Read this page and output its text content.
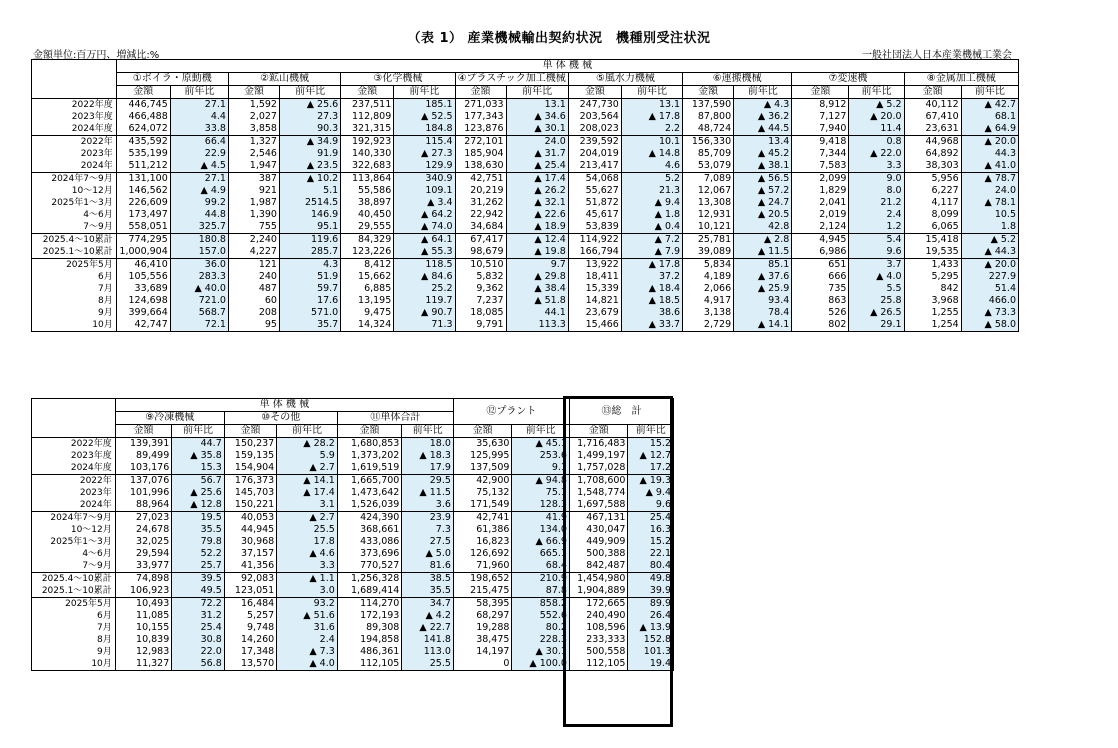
（表 1） 産業機械輸出契約状況　機種別受注状況
金額単位:百万円、増減比:%	一般社団法人日本産業機械工業会
	単 体 機 械															
	①ボイラ・原動機		②鉱山機械		③化学機械		④プラスチック加工機械		⑤風水力機械		⑥運搬機械		⑦変速機		⑧金属加工機械	
	金額	前年比	金額	前年比	金額	前年比	金額	前年比	金額	前年比	金額	前年比	金額	前年比	金額	前年比
2022年度	446,745	27.1	1,592	▲ 25.6	237,511	185.1	271,033	13.1	247,730	13.1	137,590	▲ 4.3	8,912	▲ 5.2	40,112	▲ 42.7
2023年度	466,488	4.4	2,027	27.3	112,809	▲ 52.5	177,343	▲ 34.6	203,564	▲ 17.8	87,800	▲ 36.2	7,127	▲ 20.0	67,410	68.1
2024年度	624,072	33.8	3,858	90.3	321,315	184.8	123,876	▲ 30.1	208,023	2.2	48,724	▲ 44.5	7,940	11.4	23,631	▲ 64.9
2022年	435,592	66.4	1,327	▲ 34.9	192,923	115.4	272,101	24.0	239,592	10.1	156,330	13.4	9,418	0.8	44,968	▲ 20.0
2023年	535,199	22.9	2,546	91.9	140,330	▲ 27.3	185,904	▲ 31.7	204,019	▲ 14.8	85,709	▲ 45.2	7,344	▲ 22.0	64,892	44.3
2024年	511,212	▲ 4.5	1,947	▲ 23.5	322,683	129.9	138,630	▲ 25.4	213,417	4.6	53,079	▲ 38.1	7,583	3.3	38,303	▲ 41.0
2024年7～9月	131,100	27.1	387	▲ 10.2	113,864	340.9	42,751	▲ 17.4	54,068	5.2	7,089	▲ 56.5	2,099	9.0	5,956	▲ 78.7
10～12月	146,562	▲ 4.9	921	5.1	55,586	109.1	20,219	▲ 26.2	55,627	21.3	12,067	▲ 57.2	1,829	8.0	6,227	24.0
2025年1～3月	226,609	99.2	1,987	2514.5	38,897	▲ 3.4	31,262	▲ 32.1	51,872	▲ 9.4	13,308	▲ 24.7	2,041	21.2	4,117	▲ 78.1
4～6月	173,497	44.8	1,390	146.9	40,450	▲ 64.2	22,942	▲ 22.6	45,617	▲ 1.8	12,931	▲ 20.5	2,019	2.4	8,099	10.5
7～9月	558,051	325.7	755	95.1	29,555	▲ 74.0	34,684	▲ 18.9	53,839	▲ 0.4	10,121	42.8	2,124	1.2	6,065	1.8
2025.4～10累計	774,295	180.8	2,240	119.6	84,329	▲ 64.1	67,417	▲ 12.4	114,922	▲ 7.2	25,781	▲ 2.8	4,945	5.4	15,418	▲ 5.2
2025.1～10累計	1,000,904	157.0	4,227	285.7	123,226	▲ 55.3	98,679	▲ 19.8	166,794	▲ 7.9	39,089	▲ 11.5	6,986	9.6	19,535	▲ 44.3
2025年5月	46,410	36.0	121	4.3	8,412	118.5	10,510	9.7	13,922	▲ 17.8	5,834	85.1	651	3.7	1,433	▲ 20.0
6月	105,556	283.3	240	51.9	15,662	▲ 84.6	5,832	▲ 29.8	18,411	37.2	4,189	▲ 37.6	666	▲ 4.0	5,295	227.9
7月	33,689	▲ 40.0	487	59.7	6,885	25.2	9,362	▲ 38.4	15,339	▲ 18.4	2,066	▲ 25.9	735	5.5	842	51.4
8月	124,698	721.0	60	17.6	13,195	119.7	7,237	▲ 51.8	14,821	▲ 18.5	4,917	93.4	863	25.8	3,968	466.0
9月	399,664	568.7	208	571.0	9,475	▲ 90.7	18,085	44.1	23,679	38.6	3,138	78.4	526	▲ 26.5	1,255	▲ 73.3
10月	42,747	72.1	95	35.7	14,324	71.3	9,791	113.3	15,466	▲ 33.7	2,729	▲ 14.1	802	29.1	1,254	▲ 58.0
	単 体 機 械						⑫プラント		⑬総　計	
	⑨冷凍機械		⑩その他		⑪単体合計					
	金額	前年比	金額	前年比	金額	前年比	金額	前年比	金額	前年比
2022年度	139,391	44.7	150,237	▲ 28.2	1,680,853	18.0	35,630	▲ 45.1	1,716,483	15.2
2023年度	89,499	▲ 35.8	159,135	5.9	1,373,202	▲ 18.3	125,995	253.6	1,499,197	▲ 12.7
2024年度	103,176	15.3	154,904	▲ 2.7	1,619,519	17.9	137,509	9.1	1,757,028	17.2
2022年	137,076	56.7	176,373	▲ 14.1	1,665,700	29.5	42,900	▲ 94.8	1,708,600	▲ 19.3
2023年	101,996	▲ 25.6	145,703	▲ 17.4	1,473,642	▲ 11.5	75,132	75.1	1,548,774	▲ 9.4
2024年	88,964	▲ 12.8	150,221	3.1	1,526,039	3.6	171,549	128.3	1,697,588	9.6
2024年7～9月	27,023	19.5	40,053	▲ 2.7	424,390	23.9	42,741	41.9	467,131	25.4
10～12月	24,678	35.5	44,945	25.5	368,661	7.3	61,386	134.0	430,047	16.3
2025年1～3月	32,025	79.8	30,968	17.8	433,086	27.5	16,823	▲ 66.9	449,909	15.2
4～6月	29,594	52.2	37,157	▲ 4.6	373,696	▲ 5.0	126,692	665.1	500,388	22.1
7～9月	33,977	25.7	41,356	3.3	770,527	81.6	71,960	68.4	842,487	80.4
2025.4～10累計	74,898	39.5	92,083	▲ 1.1	1,256,328	38.5	198,652	210.9	1,454,980	49.8
2025.1～10累計	106,923	49.5	123,051	3.0	1,689,414	35.5	215,475	87.8	1,904,889	39.9
2025年5月	10,493	72.2	16,484	93.2	114,270	34.7	58,395	858.2	172,665	89.9
6月	11,085	31.2	5,257	▲ 51.6	172,193	▲ 4.2	68,297	552.6	240,490	26.4
7月	10,155	25.4	9,748	31.6	89,308	▲ 22.7	19,288	80.2	108,596	▲ 13.9
8月	10,839	30.8	14,260	2.4	194,858	141.8	38,475	228.3	233,333	152.8
9月	12,983	22.0	17,348	▲ 7.3	486,361	113.0	14,197	▲ 30.1	500,558	101.3
10月	11,327	56.8	13,570	▲ 4.0	112,105	25.5	0	▲ 100.0	112,105	19.4
